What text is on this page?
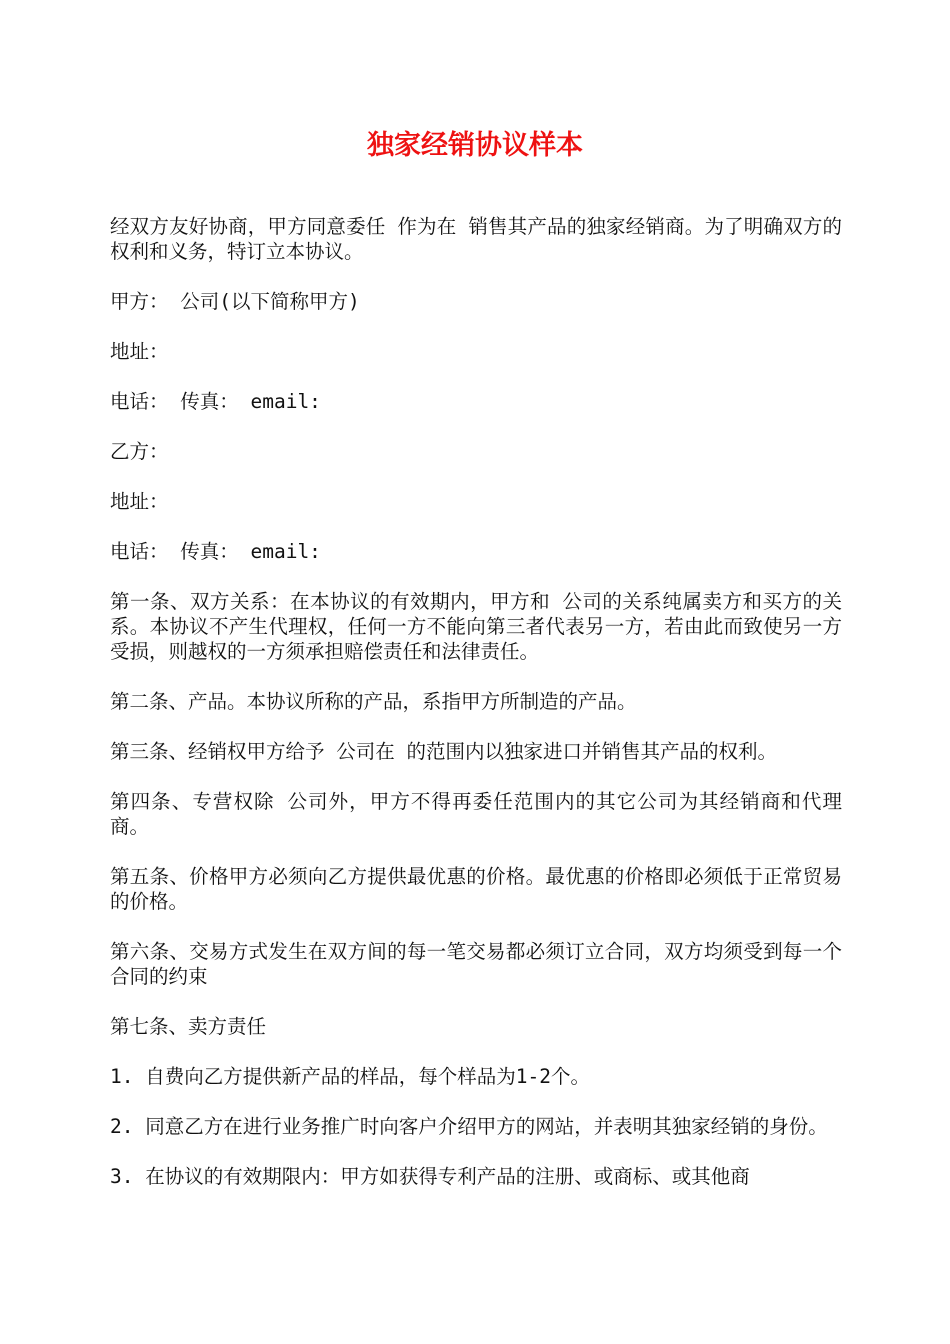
独家经销协议样本

经双方友好协商，甲方同意委任 作为在 销售其产品的独家经销商。为了明确双方的权利和义务，特订立本协议。

甲方： 公司(以下简称甲方)

地址：

电话： 传真： email:

乙方：

地址：

电话： 传真： email:

第一条、双方关系：在本协议的有效期内，甲方和 公司的关系纯属卖方和买方的关系。本协议不产生代理权，任何一方不能向第三者代表另一方，若由此而致使另一方受损，则越权的一方须承担赔偿责任和法律责任。

第二条、产品。本协议所称的产品，系指甲方所制造的产品。

第三条、经销权甲方给予 公司在 的范围内以独家进口并销售其产品的权利。

第四条、专营权除 公司外，甲方不得再委任范围内的其它公司为其经销商和代理商。

第五条、价格甲方必须向乙方提供最优惠的价格。最优惠的价格即必须低于正常贸易的价格。

第六条、交易方式发生在双方间的每一笔交易都必须订立合同，双方均须受到每一个合同的约束

第七条、卖方责任

1. 自费向乙方提供新产品的样品，每个样品为1-2个。

2. 同意乙方在进行业务推广时向客户介绍甲方的网站，并表明其独家经销的身份。

3. 在协议的有效期限内：甲方如获得专利产品的注册、或商标、或其他商
